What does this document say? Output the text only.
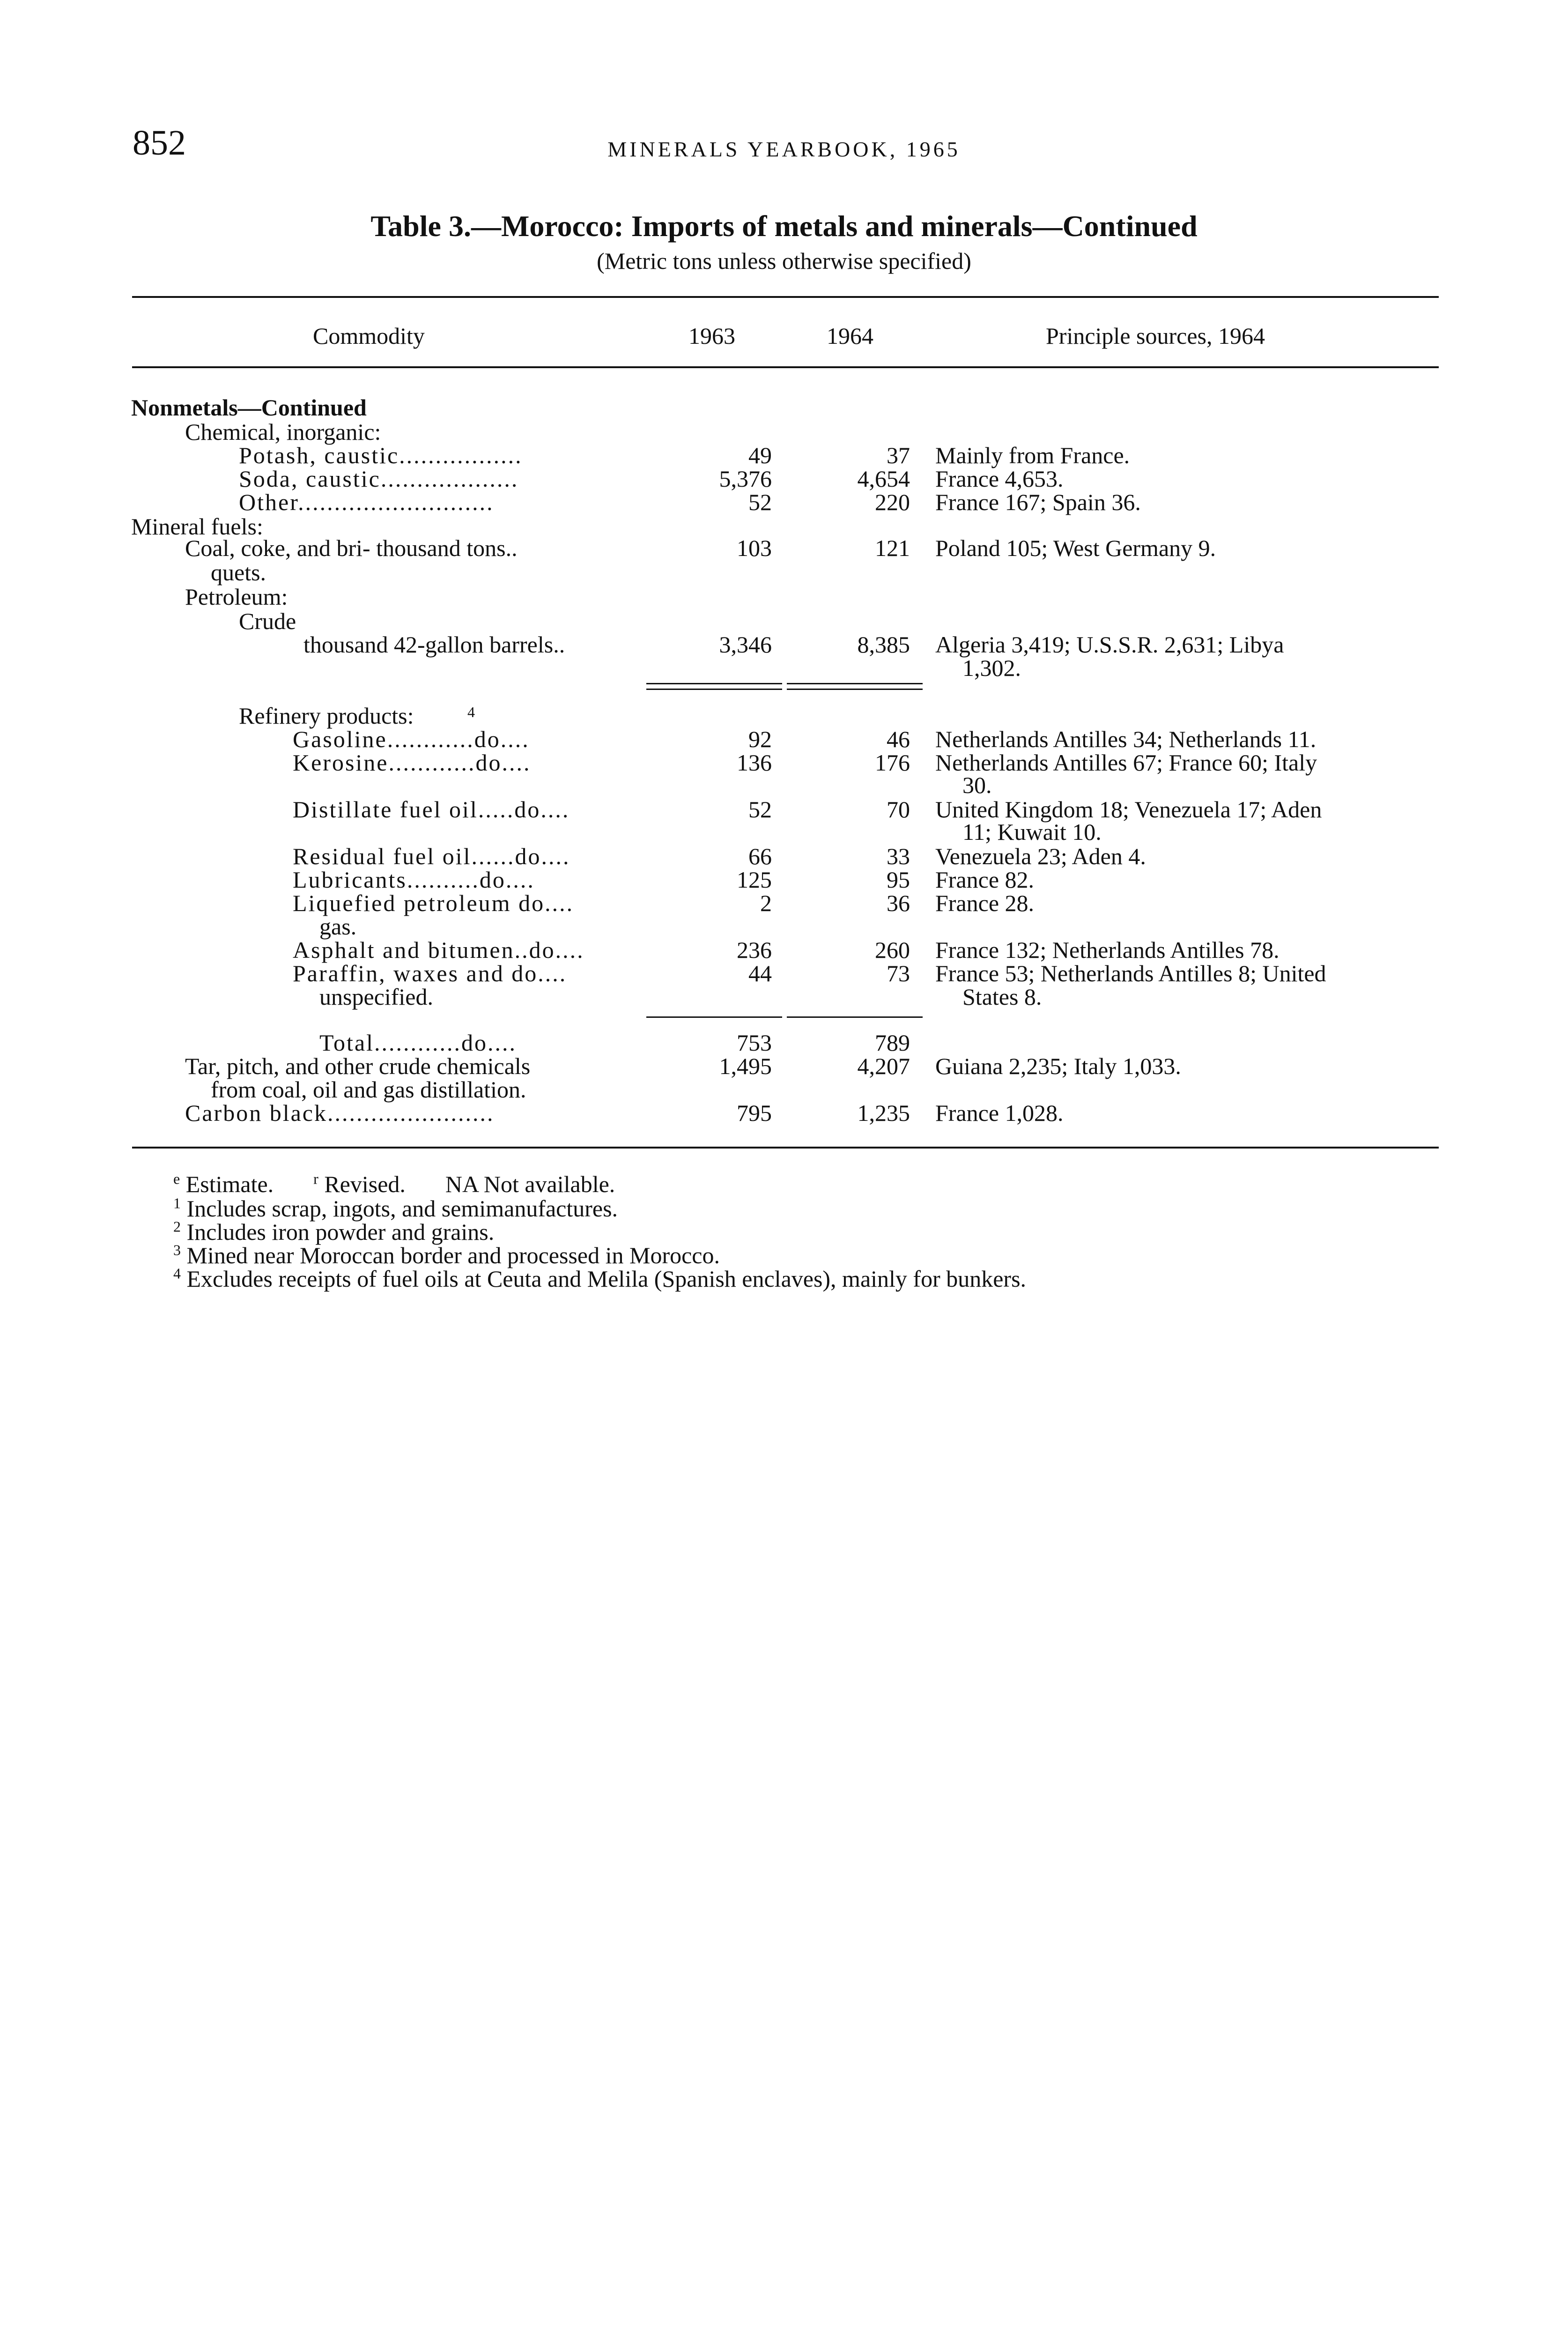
852	MINERALS YEARBOOK, 1965
Table 3.—Morocco: Imports of metals and minerals—Continued
(Metric tons unless otherwise specified)
Commodity	1963	1964	Principle sources, 1964
Nonmetals—Continued
Chemical, inorganic:
Potash, caustic.................	49	37 Mainly from France.
Soda, caustic...................	5,376	4,654 France 4,653.
Other...........................	52	220 France 167; Spain 36.
Mineral fuels:
Coal, coke, and bri- thousand tons..	103	121 Poland 105; West Germany 9.
quets.
Petroleum:
Crude
thousand 42-gallon barrels..	3,346	8,385 Algeria 3,419; U.S.S.R. 2,631; Libya
1,302.
Refinery products:	4
Gasoline............do....	92	46 Netherlands Antilles 34; Netherlands 11.
Kerosine............do....	136	176 Netherlands Antilles 67; France 60; Italy
30.
Distillate fuel oil.....do....	52	70 United Kingdom 18; Venezuela 17; Aden
11; Kuwait 10.
Residual fuel oil......do....	66	33 Venezuela 23; Aden 4.
Lubricants..........do....	125	95 France 82.
Liquefied petroleum do....	2	36 France 28.
gas.
Asphalt and bitumen..do....	236	260 France 132; Netherlands Antilles 78.
Paraffin, waxes and do....	44	73 France 53; Netherlands Antilles 8; United
unspecified.	States 8.
Total............do....	753	789
Tar, pitch, and other crude chemicals	1,495	4,207 Guiana 2,235; Italy 1,033.
from coal, oil and gas distillation.
Carbon black.......................	795	1,235 France 1,028.
$^e$ Estimate.	$^r$ Revised. NA Not available.
$^1$ Includes scrap, ingots, and semimanufactures.
$^2$ Includes iron powder and grains.
$^3$ Mined near Moroccan border and processed in Morocco.
$^4$ Excludes receipts of fuel oils at Ceuta and Melila (Spanish enclaves), mainly for bunkers.
